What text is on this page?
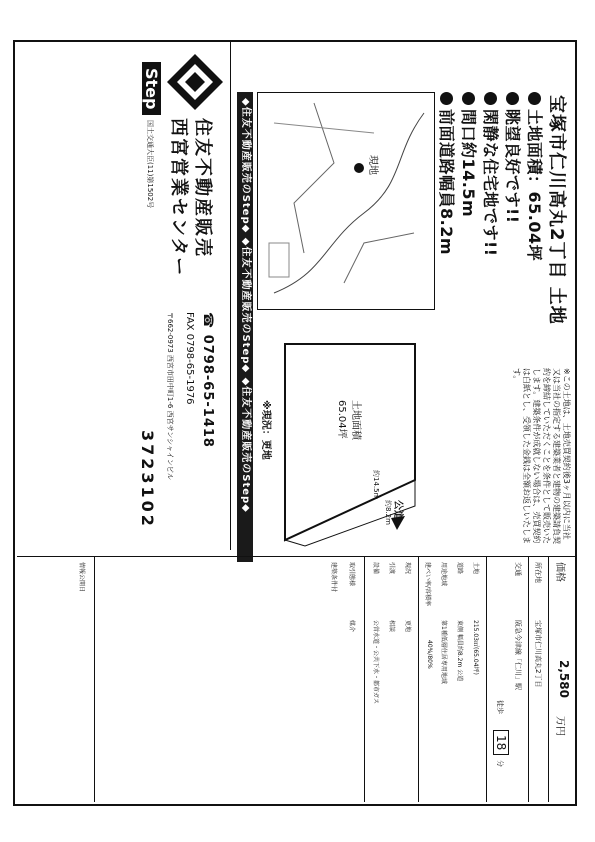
宝塚市仁川高丸2丁目 土地
土地面積：65.04坪
眺望良好です!!
閑静な住宅地です!!
間口約14.5m
前面道路幅員8.2m
※この土地は、土地売買契約後3ヶ月以内に当社又は当社の指定する建築業者と建物の建築請負契約を締結していただくことを条件として販売いたします。建築条件が成就しない場合は、売買契約は白紙とし、受領した金銭は全額お返しいたします。
現地
土地面積
65.04坪
公道
約8.2m
約14.5m
※現況：更地
◆住友不動産販売のStep◆ ◆住友不動産販売のStep◆ ◆住友不動産販売のStep◆
住友不動産販売
西宮営業センター
Step
国土交通大臣(11)第1502号
☎ 0798-65-1418
FAX 0798-65-1976
〒662-0973 西宮市田中町1-6 西宮サンシャインビル
3723102
価格
2,580
万円
所在地
宝塚市仁川高丸2丁目
交通
阪急今津線「仁川」駅
徒歩
18
分
土地
215.03㎡(65.04坪)
道路
東側 幅員約8.2m 公道
用途地域
第1種低層住居専用地域
建ぺい率/容積率
40%/80%
現況
更地
引渡
相談
設備
公営水道・公共下水・都市ガス
取引態様
媒介
建築条件付
情報公開日
